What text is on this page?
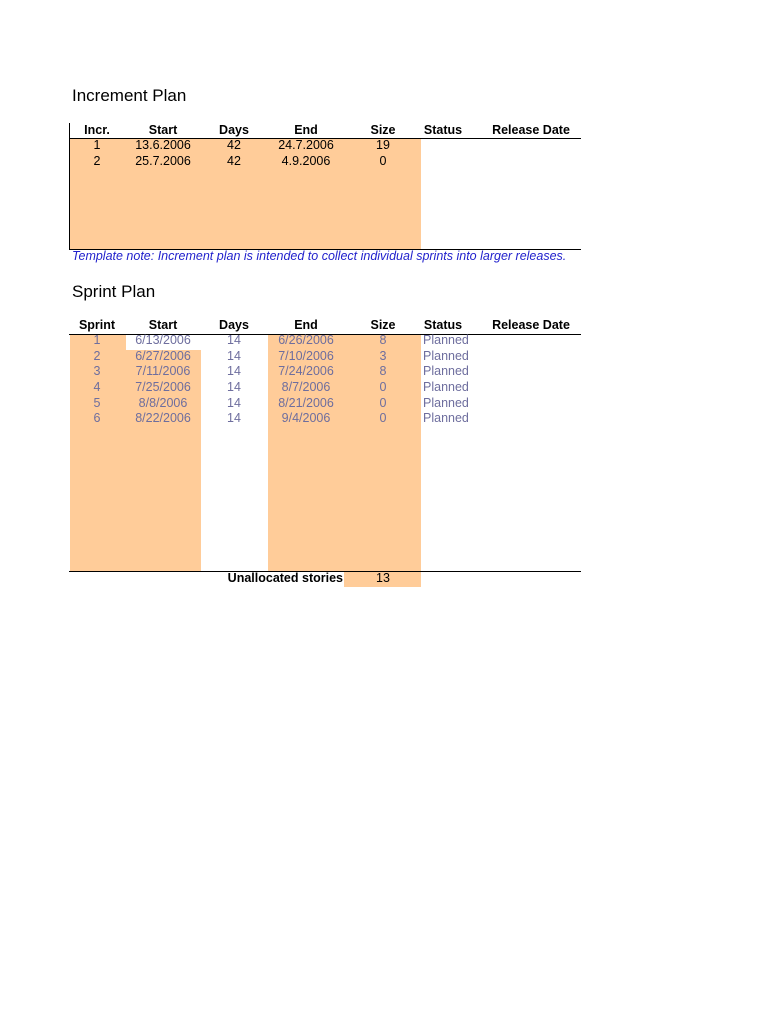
Increment Plan
Incr.	Start	Days	End	Size	Status	Release Date
1	13.6.2006	42	24.7.2006	19
2	25.7.2006	42	4.9.2006	0
Template note: Increment plan is intended to collect individual sprints into larger releases.
Sprint Plan
Sprint	Start	Days	End	Size	Status	Release Date
1	6/13/2006	14	6/26/2006	8	Planned
2	6/27/2006	14	7/10/2006	3	Planned
3	7/11/2006	14	7/24/2006	8	Planned
4	7/25/2006	14	8/7/2006	0	Planned
5	8/8/2006	14	8/21/2006	0	Planned
6	8/22/2006	14	9/4/2006	0	Planned
Unallocated stories	13
